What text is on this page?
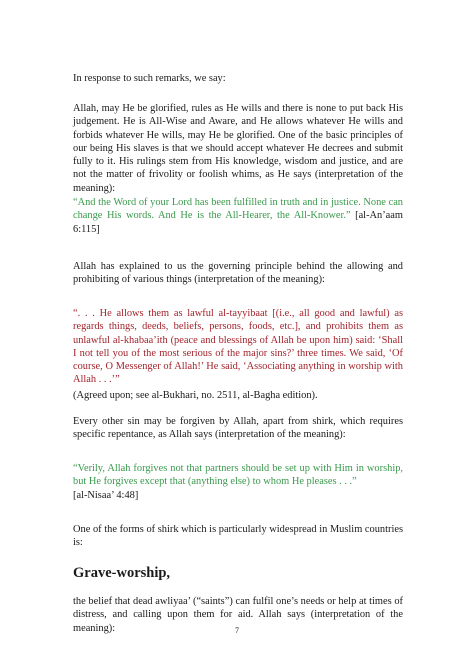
In response to such remarks, we say:

Allah, may He be glorified, rules as He wills and there is none to put back His judgement. He is All-Wise and Aware, and He allows whatever He wills and forbids whatever He wills, may He be glorified. One of the basic principles of our being His slaves is that we should accept whatever He decrees and submit fully to it. His rulings stem from His knowledge, wisdom and justice, and are not the matter of frivolity or foolish whims, as He says (interpretation of the meaning):

“And the Word of your Lord has been fulfilled in truth and in justice. None can change His words. And He is the All-Hearer, the All-Knower.” [al-An’aam 6:115]

Allah has explained to us the governing principle behind the allowing and prohibiting of various things (interpretation of the meaning):

“. . . He allows them as lawful al-tayyibaat [(i.e., all good and lawful) as regards things, deeds, beliefs, persons, foods, etc.], and prohibits them as unlawful al-khabaa’ith (peace and blessings of Allah be upon him) said: ‘Shall I not tell you of the most serious of the major sins?’ three times. We said, ‘Of course, O Messenger of Allah!’ He said, ‘Associating anything in worship with Allah . . .’”

(Agreed upon; see al-Bukhari, no. 2511, al-Bagha edition).

Every other sin may be forgiven by Allah, apart from shirk, which requires specific repentance, as Allah says (interpretation of the meaning):

“Verily, Allah forgives not that partners should be set up with Him in worship, but He forgives except that (anything else) to whom He pleases . . .”
[al-Nisaa’ 4:48]

One of the forms of shirk which is particularly widespread in Muslim countries is:

Grave-worship,

the belief that dead awliyaa’ (“saints”) can fulfil one’s needs or help at times of distress, and calling upon them for aid. Allah says (interpretation of the meaning):	7
